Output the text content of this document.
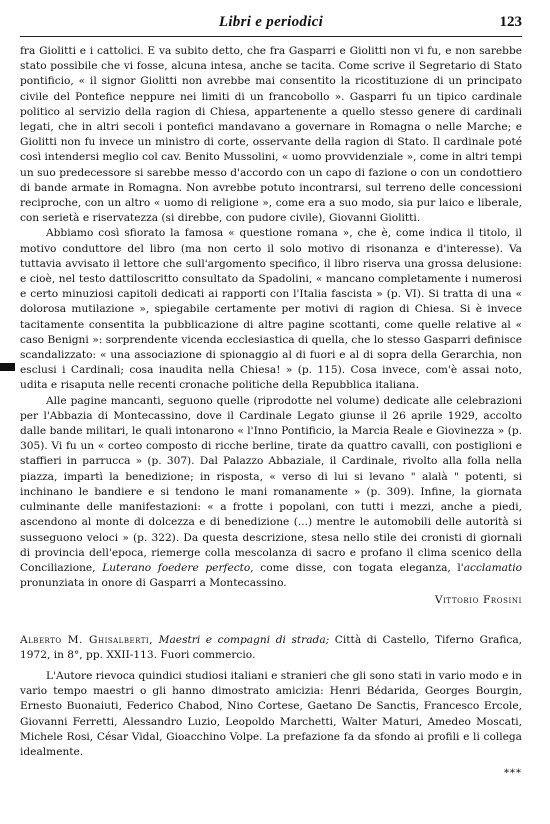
Libri e periodici	123

fra Giolitti e i cattolici. E va subito detto, che fra Gasparri e Giolitti non vi fu, e non sarebbe stato possibile che vi fosse, alcuna intesa, anche se tacita. Come scrive il Segretario di Stato pontificio, « il signor Giolitti non avrebbe mai consentito la ricostituzione di un principato civile del Pontefice neppure nei limiti di un francobollo ». Gasparri fu un tipico cardinale politico al servizio della ragion di Chiesa, appartenente a quello stesso genere di cardinali legati, che in altri secoli i pontefici mandavano a governare in Romagna o nelle Marche; e Giolitti non fu invece un ministro di corte, osservante della ragion di Stato. Il cardinale poté così intendersi meglio col cav. Benito Mussolini, « uomo provvidenziale », come in altri tempi un suo predecessore si sarebbe messo d'accordo con un capo di fazione o con un condottiero di bande armate in Romagna. Non avrebbe potuto incontrarsi, sul terreno delle concessioni reciproche, con un altro « uomo di religione », come era a suo modo, sia pur laico e liberale, con serietà e riservatezza (si direbbe, con pudore civile), Giovanni Giolitti.

Abbiamo così sfiorato la famosa « questione romana », che è, come indica il titolo, il motivo conduttore del libro (ma non certo il solo motivo di risonanza e d'interesse). Va tuttavia avvisato il lettore che sull'argomento specifico, il libro riserva una grossa delusione: e cioè, nel testo dattiloscritto consultato da Spadolini, « mancano completamente i numerosi e certo minuziosi capitoli dedicati ai rapporti con l'Italia fascista » (p. VI). Si tratta di una « dolorosa mutilazione », spiegabile certamente per motivi di ragion di Chiesa. Si è invece tacitamente consentita la pubblicazione di altre pagine scottanti, come quelle relative al « caso Benigni »: sorprendente vicenda ecclesiastica di quella, che lo stesso Gasparri definisce scandalizzato: « una associazione di spionaggio al di fuori e al di sopra della Gerarchia, non esclusi i Cardinali; cosa inaudita nella Chiesa! » (p. 115). Cosa invece, com'è assai noto, udita e risaputa nelle recenti cronache politiche della Repubblica italiana.

Alle pagine mancanti, seguono quelle (riprodotte nel volume) dedicate alle celebrazioni per l'Abbazia di Montecassino, dove il Cardinale Legato giunse il 26 aprile 1929, accolto dalle bande militari, le quali intonarono « l'Inno Pontificio, la Marcia Reale e Giovinezza » (p. 305). Vi fu un « corteo composto di ricche berline, tirate da quattro cavalli, con postiglioni e staffieri in parrucca » (p. 307). Dal Palazzo Abbaziale, il Cardinale, rivolto alla folla nella piazza, impartì la benedizione; in risposta, « verso di lui si levano " alalà " potenti, si inchinano le bandiere e si tendono le mani romanamente » (p. 309). Infine, la giornata culminante delle manifestazioni: « a frotte i popolani, con tutti i mezzi, anche a piedi, ascendono al monte di dolcezza e di benedizione (...) mentre le automobili delle autorità si susseguono veloci » (p. 322). Da questa descrizione, stesa nello stile dei cronisti di giornali di provincia dell'epoca, riemerge colla mescolanza di sacro e profano il clima scenico della Conciliazione, Luterano foedere perfecto, come disse, con togata eleganza, l'acclamatio pronunziata in onore di Gasparri a Montecassino.

Vittorio Frosini
Alberto M. Ghisalberti, Maestri e compagni di strada; Città di Castello, Tiferno Grafica, 1972, in 8°, pp. XXII-113. Fuori commercio.

L'Autore rievoca quindici studiosi italiani e stranieri che gli sono stati in vario modo e in vario tempo maestri o gli hanno dimostrato amicizia: Henri Bédarida, Georges Bourgin, Ernesto Buonaiuti, Federico Chabod, Nino Cortese, Gaetano De Sanctis, Francesco Ercole, Giovanni Ferretti, Alessandro Luzio, Leopoldo Marchetti, Walter Maturi, Amedeo Moscati, Michele Rosi, César Vidal, Gioacchino Volpe. La prefazione fa da sfondo ai profili e li collega idealmente.

***
